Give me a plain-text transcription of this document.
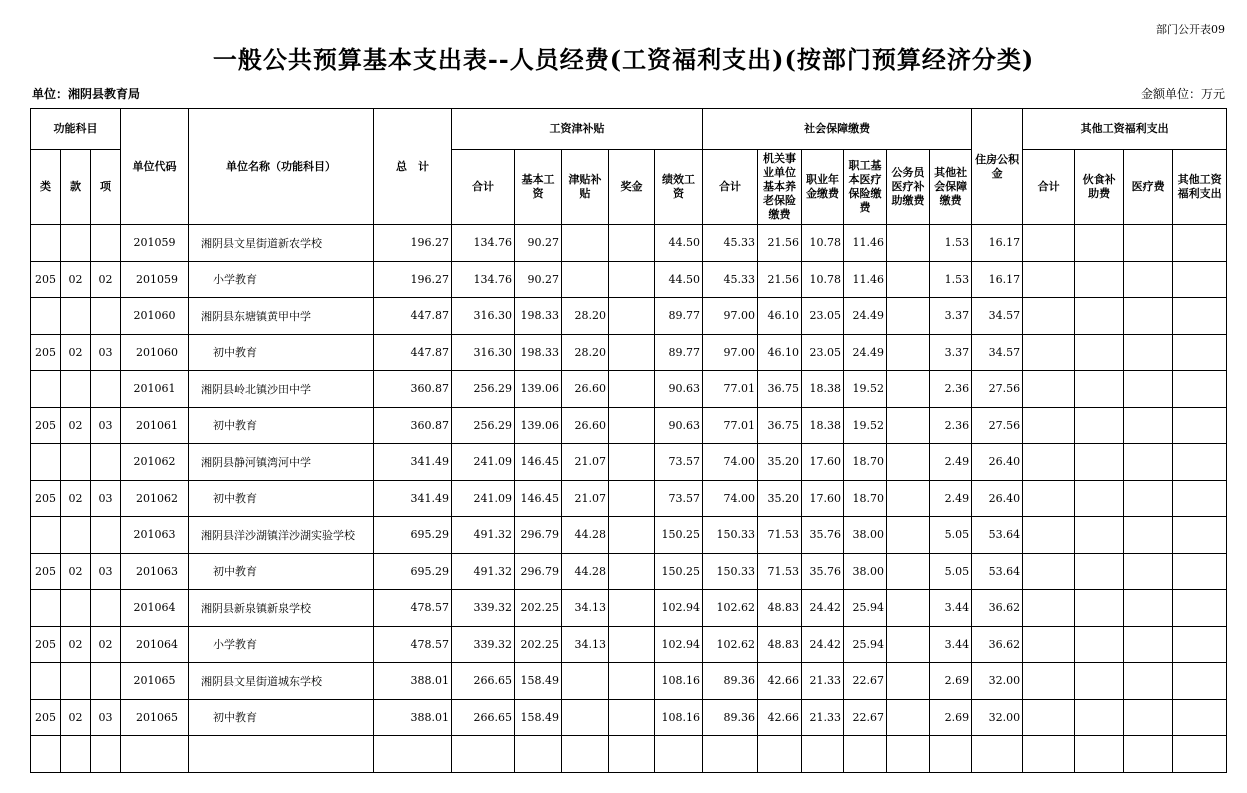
部门公开表09
一般公共预算基本支出表--人员经费(工资福利支出)(按部门预算经济分类)
单位：湘阴县教育局	金额单位：万元
功能科目			单位代码	单位名称（功能科目）	总　计	工资津补贴					社会保障缴费						住房公积金	其他工资福利支出			
类	款	项				合计	基本工资	津贴补贴	奖金	绩效工资	合计	机关事业单位基本养老保险缴费	职业年金缴费	职工基本医疗保险缴费	公务员医疗补助缴费	其他社会保障缴费		合计	伙食补助费	医疗费	其他工资福利支出
			201059	湘阴县文星街道新农学校	196.27	134.76	90.27			44.50	45.33	21.56	10.78	11.46		1.53	16.17				
205	02	02	201059	小学教育	196.27	134.76	90.27			44.50	45.33	21.56	10.78	11.46		1.53	16.17				
			201060	湘阴县东塘镇黄甲中学	447.87	316.30	198.33	28.20		89.77	97.00	46.10	23.05	24.49		3.37	34.57				
205	02	03	201060	初中教育	447.87	316.30	198.33	28.20		89.77	97.00	46.10	23.05	24.49		3.37	34.57				
			201061	湘阴县岭北镇沙田中学	360.87	256.29	139.06	26.60		90.63	77.01	36.75	18.38	19.52		2.36	27.56				
205	02	03	201061	初中教育	360.87	256.29	139.06	26.60		90.63	77.01	36.75	18.38	19.52		2.36	27.56				
			201062	湘阴县静河镇湾河中学	341.49	241.09	146.45	21.07		73.57	74.00	35.20	17.60	18.70		2.49	26.40				
205	02	03	201062	初中教育	341.49	241.09	146.45	21.07		73.57	74.00	35.20	17.60	18.70		2.49	26.40				
			201063	湘阴县洋沙湖镇洋沙湖实验学校	695.29	491.32	296.79	44.28		150.25	150.33	71.53	35.76	38.00		5.05	53.64				
205	02	03	201063	初中教育	695.29	491.32	296.79	44.28		150.25	150.33	71.53	35.76	38.00		5.05	53.64				
			201064	湘阴县新泉镇新泉学校	478.57	339.32	202.25	34.13		102.94	102.62	48.83	24.42	25.94		3.44	36.62				
205	02	02	201064	小学教育	478.57	339.32	202.25	34.13		102.94	102.62	48.83	24.42	25.94		3.44	36.62				
			201065	湘阴县文星街道城东学校	388.01	266.65	158.49			108.16	89.36	42.66	21.33	22.67		2.69	32.00				
205	02	03	201065	初中教育	388.01	266.65	158.49			108.16	89.36	42.66	21.33	22.67		2.69	32.00				
